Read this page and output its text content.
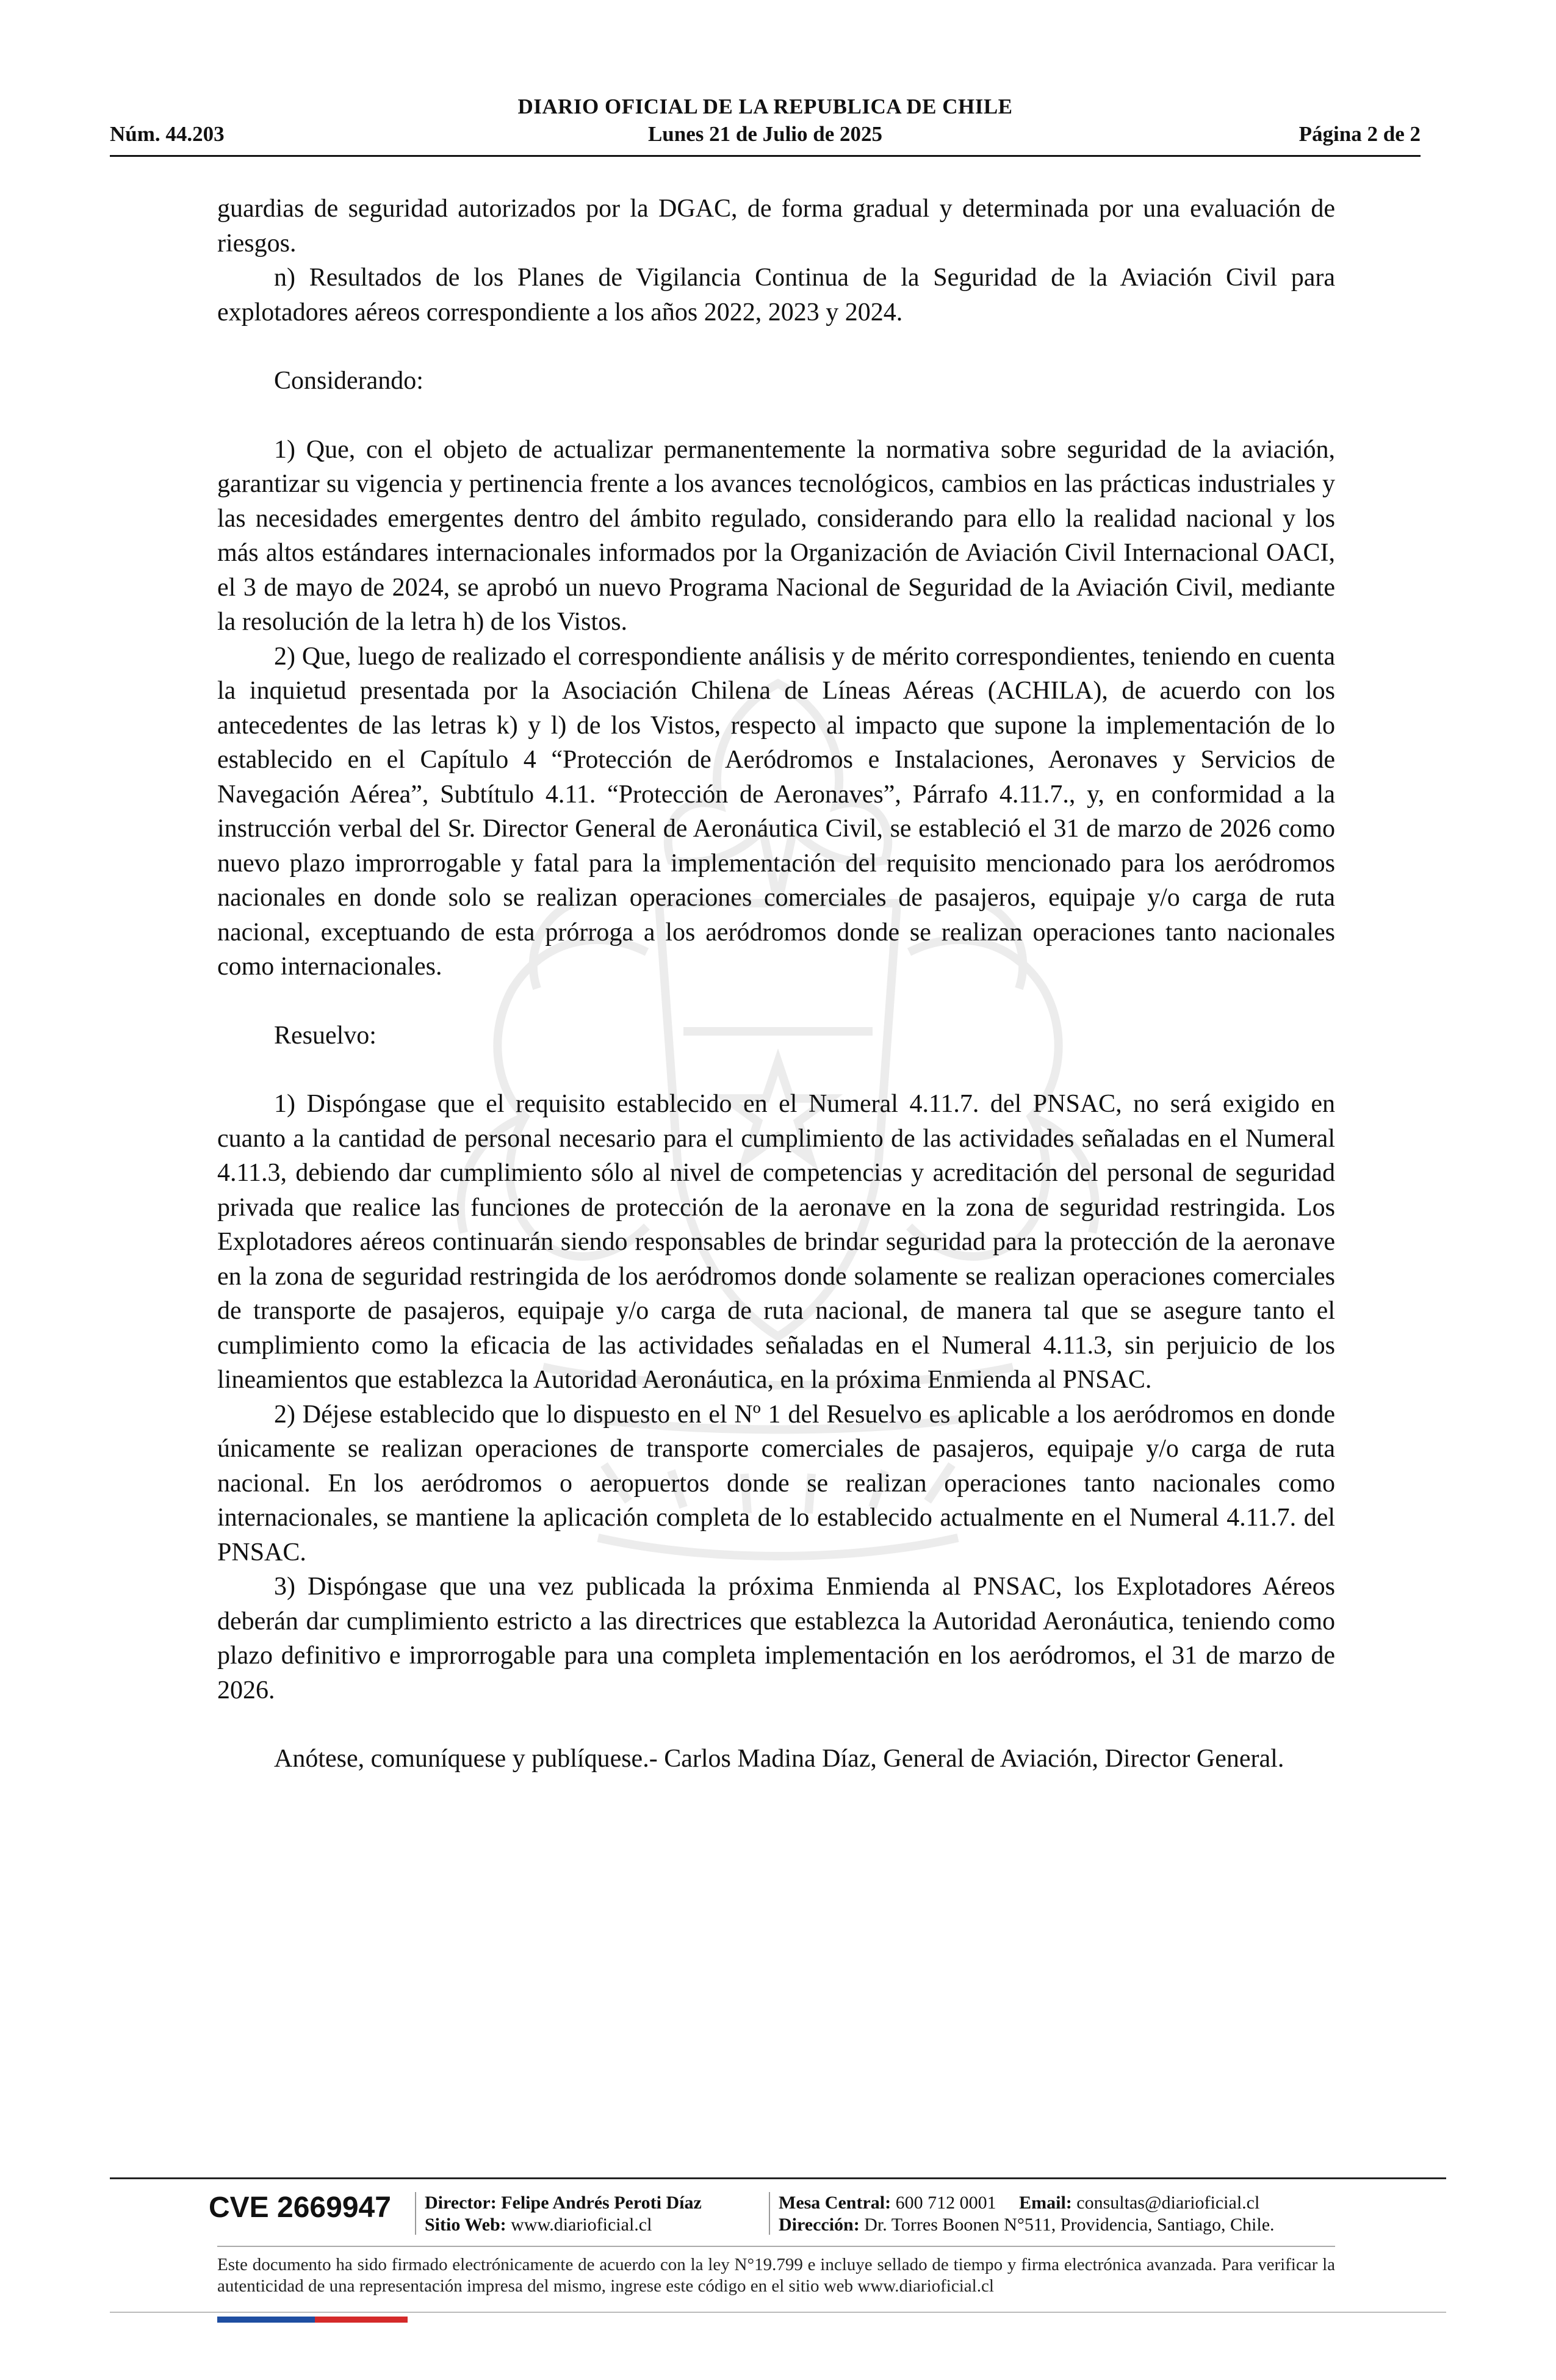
DIARIO OFICIAL DE LA REPUBLICA DE CHILE
Núm. 44.203	Lunes 21 de Julio de 2025	Página 2 de 2

guardias de seguridad autorizados por la DGAC, de forma gradual y determinada por una evaluación de riesgos.

n) Resultados de los Planes de Vigilancia Continua de la Seguridad de la Aviación Civil para explotadores aéreos correspondiente a los años 2022, 2023 y 2024.

Considerando:

1) Que, con el objeto de actualizar permanentemente la normativa sobre seguridad de la aviación, garantizar su vigencia y pertinencia frente a los avances tecnológicos, cambios en las prácticas industriales y las necesidades emergentes dentro del ámbito regulado, considerando para ello la realidad nacional y los más altos estándares internacionales informados por la Organización de Aviación Civil Internacional OACI, el 3 de mayo de 2024, se aprobó un nuevo Programa Nacional de Seguridad de la Aviación Civil, mediante la resolución de la letra h) de los Vistos.

2) Que, luego de realizado el correspondiente análisis y de mérito correspondientes, teniendo en cuenta la inquietud presentada por la Asociación Chilena de Líneas Aéreas (ACHILA), de acuerdo con los antecedentes de las letras k) y l) de los Vistos, respecto al impacto que supone la implementación de lo establecido en el Capítulo 4 “Protección de Aeródromos e Instalaciones, Aeronaves y Servicios de Navegación Aérea”, Subtítulo 4.11. “Protección de Aeronaves”, Párrafo 4.11.7., y, en conformidad a la instrucción verbal del Sr. Director General de Aeronáutica Civil, se estableció el 31 de marzo de 2026 como nuevo plazo improrrogable y fatal para la implementación del requisito mencionado para los aeródromos nacionales en donde solo se realizan operaciones comerciales de pasajeros, equipaje y/o carga de ruta nacional, exceptuando de esta prórroga a los aeródromos donde se realizan operaciones tanto nacionales como internacionales.

Resuelvo:

1) Dispóngase que el requisito establecido en el Numeral 4.11.7. del PNSAC, no será exigido en cuanto a la cantidad de personal necesario para el cumplimiento de las actividades señaladas en el Numeral 4.11.3, debiendo dar cumplimiento sólo al nivel de competencias y acreditación del personal de seguridad privada que realice las funciones de protección de la aeronave en la zona de seguridad restringida. Los Explotadores aéreos continuarán siendo responsables de brindar seguridad para la protección de la aeronave en la zona de seguridad restringida de los aeródromos donde solamente se realizan operaciones comerciales de transporte de pasajeros, equipaje y/o carga de ruta nacional, de manera tal que se asegure tanto el cumplimiento como la eficacia de las actividades señaladas en el Numeral 4.11.3, sin perjuicio de los lineamientos que establezca la Autoridad Aeronáutica, en la próxima Enmienda al PNSAC.

2) Déjese establecido que lo dispuesto en el Nº 1 del Resuelvo es aplicable a los aeródromos en donde únicamente se realizan operaciones de transporte comerciales de pasajeros, equipaje y/o carga de ruta nacional. En los aeródromos o aeropuertos donde se realizan operaciones tanto nacionales como internacionales, se mantiene la aplicación completa de lo establecido actualmente en el Numeral 4.11.7. del PNSAC.

3) Dispóngase que una vez publicada la próxima Enmienda al PNSAC, los Explotadores Aéreos deberán dar cumplimiento estricto a las directrices que establezca la Autoridad Aeronáutica, teniendo como plazo definitivo e improrrogable para una completa implementación en los aeródromos, el 31 de marzo de 2026.

Anótese, comuníquese y publíquese.- Carlos Madina Díaz, General de Aviación, Director General.

CVE 2669947 Director: Felipe Andrés Peroti Díaz
Sitio Web: www.diarioficial.cl
Mesa Central: 600 712 0001 Email: consultas@diarioficial.cl
Dirección: Dr. Torres Boonen N°511, Providencia, Santiago, Chile.
Este documento ha sido firmado electrónicamente de acuerdo con la ley N°19.799 e incluye sellado de tiempo y firma electrónica avanzada. Para verificar la autenticidad de una representación impresa del mismo, ingrese este código en el sitio web www.diarioficial.cl
